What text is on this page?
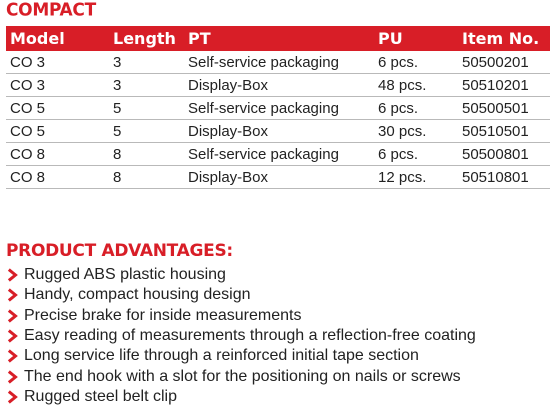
COMPACT
Model	Length	PT	PU	Item No.
CO 3	3	Self-service packaging	6 pcs.	50500201
CO 3	3	Display-Box	48 pcs.	50510201
CO 5	5	Self-service packaging	6 pcs.	50500501
CO 5	5	Display-Box	30 pcs.	50510501
CO 8	8	Self-service packaging	6 pcs.	50500801
CO 8	8	Display-Box	12 pcs.	50510801
PRODUCT ADVANTAGES:
Rugged ABS plastic housing
Handy, compact housing design
Precise brake for inside measurements
Easy reading of measurements through a reflection-free coating
Long service life through a reinforced initial tape section
The end hook with a slot for the positioning on nails or screws
Rugged steel belt clip
